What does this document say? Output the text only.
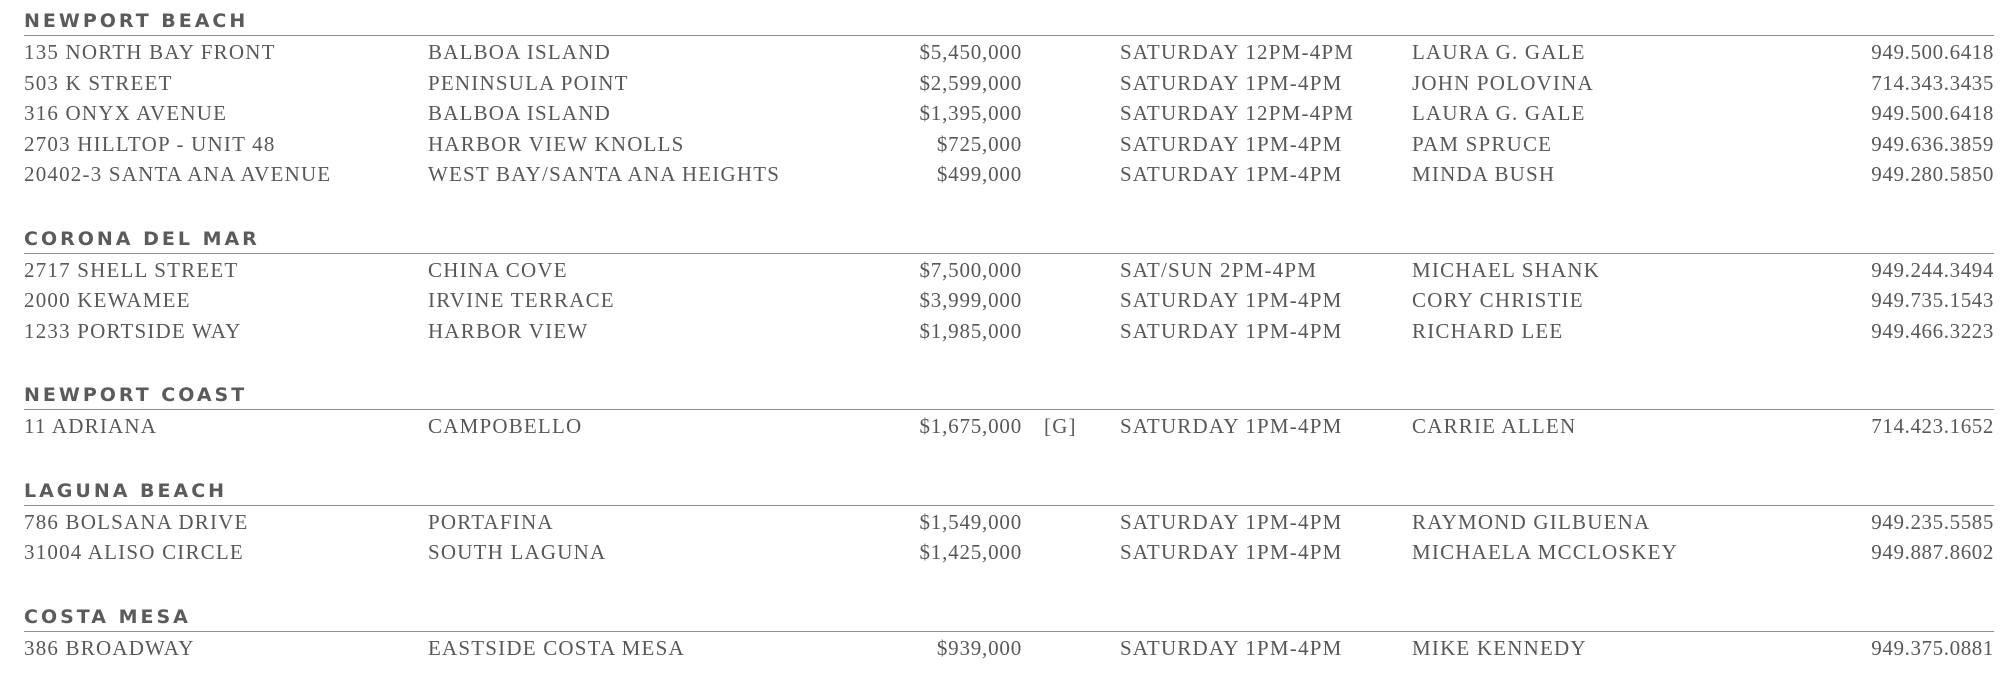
NEWPORT BEACH
135 NORTH BAY FRONT	BALBOA ISLAND	$5,450,000	SATURDAY 12PM-4PM	LAURA G. GALE	949.500.6418
503 K STREET	PENINSULA POINT	$2,599,000	SATURDAY 1PM-4PM	JOHN POLOVINA	714.343.3435
316 ONYX AVENUE	BALBOA ISLAND	$1,395,000	SATURDAY 12PM-4PM	LAURA G. GALE	949.500.6418
2703 HILLTOP - UNIT 48	HARBOR VIEW KNOLLS	$725,000	SATURDAY 1PM-4PM	PAM SPRUCE	949.636.3859
20402-3 SANTA ANA AVENUE	WEST BAY/SANTA ANA HEIGHTS	$499,000	SATURDAY 1PM-4PM	MINDA BUSH	949.280.5850
CORONA DEL MAR
2717 SHELL STREET	CHINA COVE	$7,500,000	SAT/SUN 2PM-4PM	MICHAEL SHANK	949.244.3494
2000 KEWAMEE	IRVINE TERRACE	$3,999,000	SATURDAY 1PM-4PM	CORY CHRISTIE	949.735.1543
1233 PORTSIDE WAY	HARBOR VIEW	$1,985,000	SATURDAY 1PM-4PM	RICHARD LEE	949.466.3223
NEWPORT COAST
11 ADRIANA	CAMPOBELLO	$1,675,000 [G] SATURDAY 1PM-4PM	CARRIE ALLEN	714.423.1652
LAGUNA BEACH
786 BOLSANA DRIVE	PORTAFINA	$1,549,000	SATURDAY 1PM-4PM	RAYMOND GILBUENA	949.235.5585
31004 ALISO CIRCLE	SOUTH LAGUNA	$1,425,000	SATURDAY 1PM-4PM	MICHAELA MCCLOSKEY	949.887.8602
COSTA MESA
386 BROADWAY	EASTSIDE COSTA MESA	$939,000	SATURDAY 1PM-4PM	MIKE KENNEDY	949.375.0881
